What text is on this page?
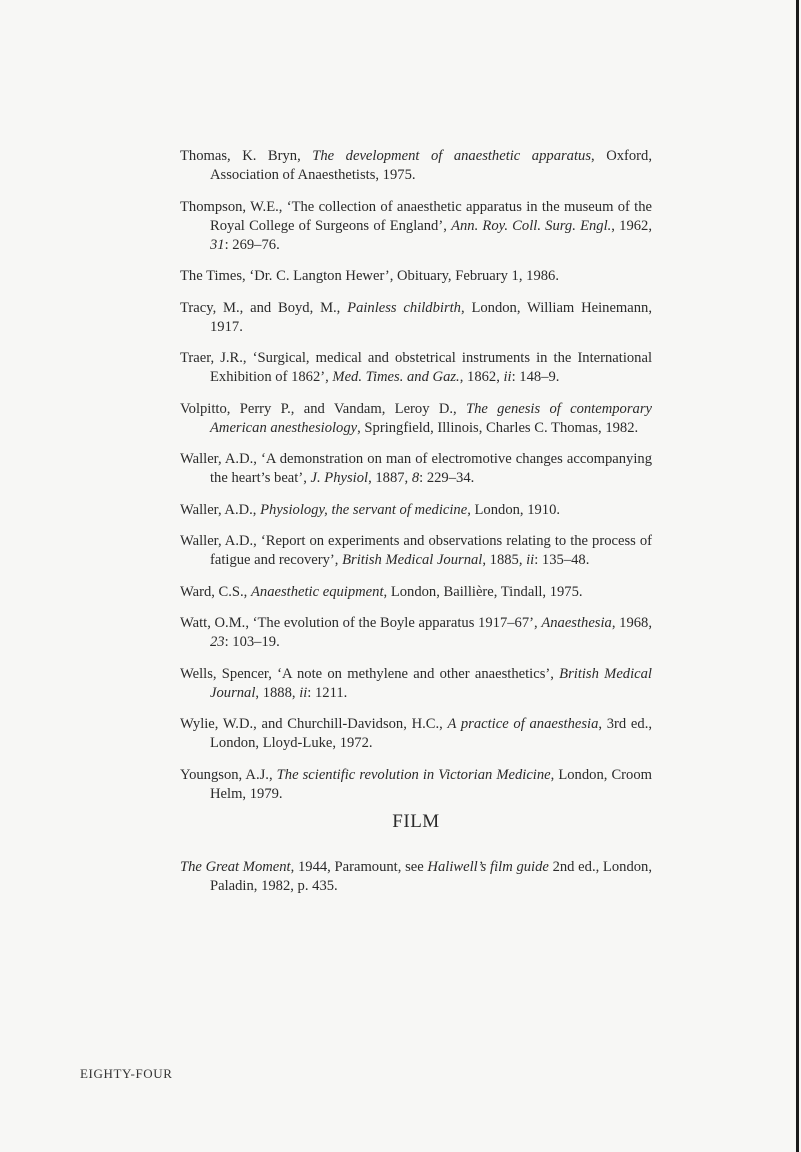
Thomas, K. Bryn, The development of anaesthetic apparatus, Oxford, Association of Anaesthetists, 1975.

Thompson, W.E., ‘The collection of anaesthetic apparatus in the museum of the Royal College of Surgeons of England’, Ann. Roy. Coll. Surg. Engl., 1962, 31: 269–76.

The Times, ‘Dr. C. Langton Hewer’, Obituary, February 1, 1986.

Tracy, M., and Boyd, M., Painless childbirth, London, William Heinemann, 1917.

Traer, J.R., ‘Surgical, medical and obstetrical instruments in the International Exhibition of 1862’, Med. Times. and Gaz., 1862, ii: 148–9.

Volpitto, Perry P., and Vandam, Leroy D., The genesis of contemporary American anesthesiology, Springfield, Illinois, Charles C. Thomas, 1982.

Waller, A.D., ‘A demonstration on man of electromotive changes accompanying the heart’s beat’, J. Physiol, 1887, 8: 229–34.

Waller, A.D., Physiology, the servant of medicine, London, 1910.

Waller, A.D., ‘Report on experiments and observations relating to the process of fatigue and recovery’, British Medical Journal, 1885, ii: 135–48.

Ward, C.S., Anaesthetic equipment, London, Baillière, Tindall, 1975.

Watt, O.M., ‘The evolution of the Boyle apparatus 1917–67’, Anaesthesia, 1968, 23: 103–19.

Wells, Spencer, ‘A note on methylene and other anaesthetics’, British Medical Journal, 1888, ii: 1211.

Wylie, W.D., and Churchill-Davidson, H.C., A practice of anaesthesia, 3rd ed., London, Lloyd-Luke, 1972.

Youngson, A.J., The scientific revolution in Victorian Medicine, London, Croom Helm, 1979.

FILM

The Great Moment, 1944, Paramount, see Haliwell’s film guide 2nd ed., London, Paladin, 1982, p. 435.

EIGHTY-FOUR
